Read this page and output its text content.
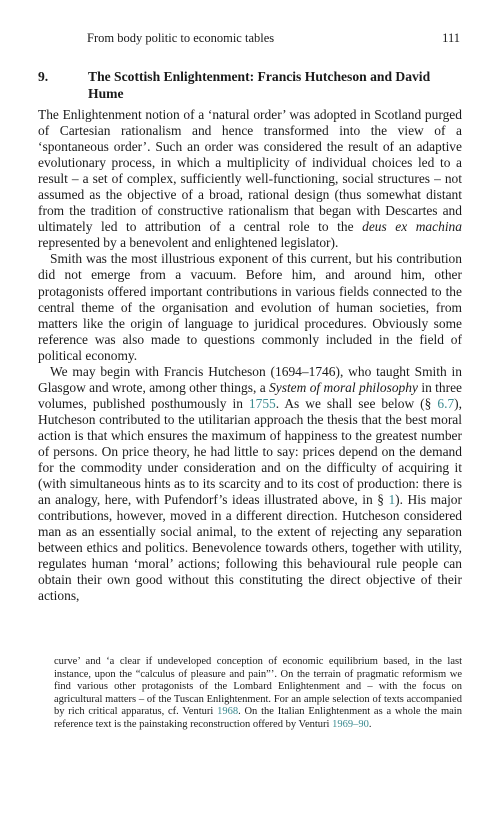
From body politic to economic tables	111
9.	The Scottish Enlightenment: Francis Hutcheson and David Hume

The Enlightenment notion of a ‘natural order’ was adopted in Scotland purged of Cartesian rationalism and hence transformed into the view of a ‘spontaneous order’. Such an order was considered the result of an adaptive evolutionary process, in which a multiplicity of individual choices led to a result – a set of complex, sufficiently well-functioning, social structures – not assumed as the objective of a broad, rational design (thus somewhat distant from the tradition of constructive rationalism that began with Descartes and ultimately led to attribution of a central role to the deus ex machina represented by a benevolent and enlightened legislator).

Smith was the most illustrious exponent of this current, but his contribution did not emerge from a vacuum. Before him, and around him, other protagonists offered important contributions in various fields connected to the central theme of the organisation and evolution of human societies, from matters like the origin of language to juridical procedures. Obviously some reference was also made to questions commonly included in the field of political economy.

We may begin with Francis Hutcheson (1694–1746), who taught Smith in Glasgow and wrote, among other things, a System of moral philosophy in three volumes, published posthumously in 1755. As we shall see below (§ 6.7), Hutcheson contributed to the utilitarian approach the thesis that the best moral action is that which ensures the maximum of happiness to the greatest number of persons. On price theory, he had little to say: prices depend on the demand for the commodity under consideration and on the difficulty of acquiring it (with simultaneous hints as to its scarcity and to its cost of production: there is an analogy, here, with Pufendorf’s ideas illustrated above, in § 1). His major contributions, however, moved in a different direction. Hutcheson considered man as an essentially social animal, to the extent of rejecting any separation between ethics and politics. Benevolence towards others, together with utility, regulates human ‘moral’ actions; following this behavioural rule people can obtain their own good without this constituting the direct objective of their actions,

curve’ and ‘a clear if undeveloped conception of economic equilibrium based, in the last instance, upon the “calculus of pleasure and pain”’. On the terrain of pragmatic reformism we find various other protagonists of the Lombard Enlightenment and – with the focus on agricultural matters – of the Tuscan Enlightenment. For an ample selection of texts accompanied by rich critical apparatus, cf. Venturi 1968. On the Italian Enlightenment as a whole the main reference text is the painstaking reconstruction offered by Venturi 1969–90.
